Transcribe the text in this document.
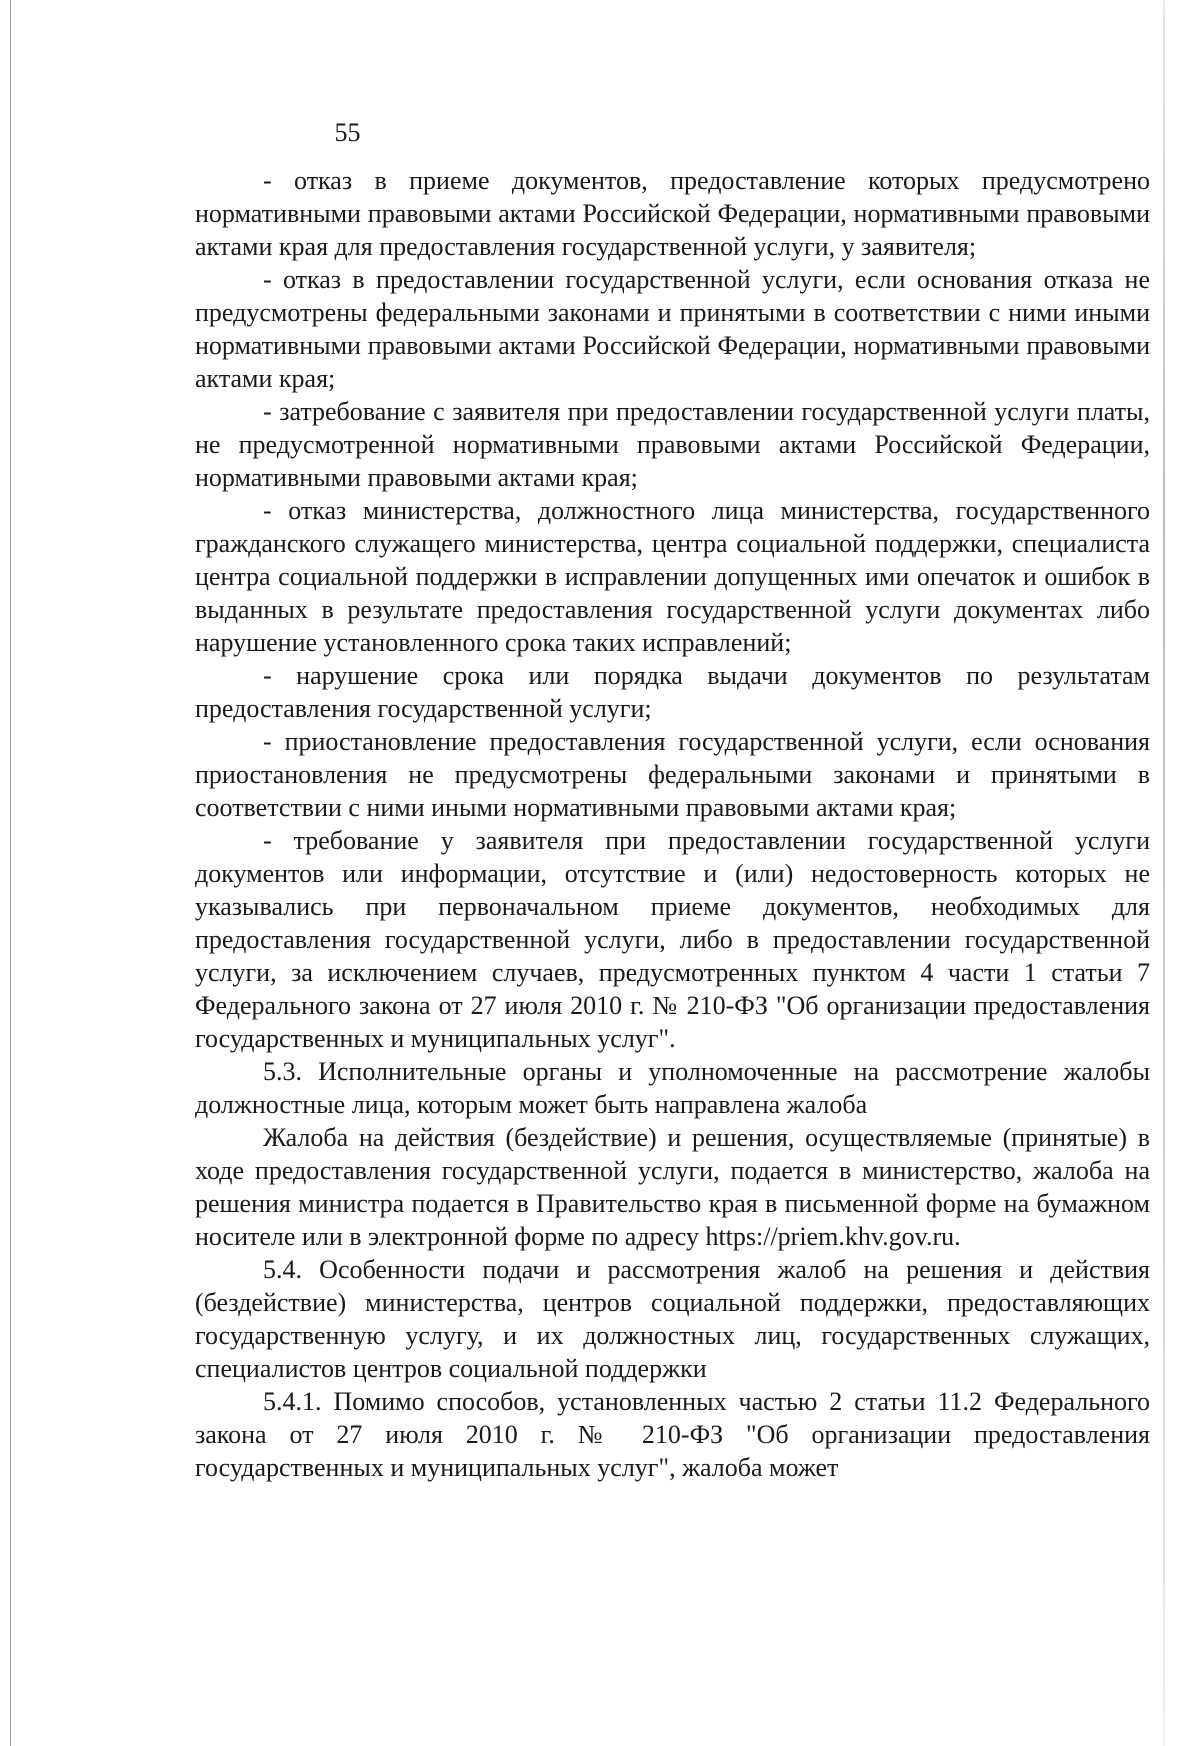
55

- отказ в приеме документов, предоставление которых предусмотрено нормативными правовыми актами Российской Федерации, нормативными правовыми актами края для предоставления государственной услуги, у заявителя;

- отказ в предоставлении государственной услуги, если основания отказа не предусмотрены федеральными законами и принятыми в соответствии с ними иными нормативными правовыми актами Российской Федерации, нормативными правовыми актами края;

- затребование с заявителя при предоставлении государственной услуги платы, не предусмотренной нормативными правовыми актами Российской Федерации, нормативными правовыми актами края;

- отказ министерства, должностного лица министерства, государственного гражданского служащего министерства, центра социальной поддержки, специалиста центра социальной поддержки в исправлении допущенных ими опечаток и ошибок в выданных в результате предоставления государственной услуги документах либо нарушение установленного срока таких исправлений;

- нарушение срока или порядка выдачи документов по результатам предоставления государственной услуги;

- приостановление предоставления государственной услуги, если основания приостановления не предусмотрены федеральными законами и принятыми в соответствии с ними иными нормативными правовыми актами края;

- требование у заявителя при предоставлении государственной услуги документов или информации, отсутствие и (или) недостоверность которых не указывались при первоначальном приеме документов, необходимых для предоставления государственной услуги, либо в предоставлении государственной услуги, за исключением случаев, предусмотренных пунктом 4 части 1 статьи 7 Федерального закона от 27 июля 2010 г. № 210-ФЗ "Об организации предоставления государственных и муниципальных услуг".

5.3. Исполнительные органы и уполномоченные на рассмотрение жалобы должностные лица, которым может быть направлена жалоба

Жалоба на действия (бездействие) и решения, осуществляемые (принятые) в ходе предоставления государственной услуги, подается в министерство, жалоба на решения министра подается в Правительство края в письменной форме на бумажном носителе или в электронной форме по адресу https://priem.khv.gov.ru.

5.4. Особенности подачи и рассмотрения жалоб на решения и действия (бездействие) министерства, центров социальной поддержки, предоставляющих государственную услугу, и их должностных лиц, государственных служащих, специалистов центров социальной поддержки

5.4.1. Помимо способов, установленных частью 2 статьи 11.2 Федерального закона от 27 июля 2010 г. № 210-ФЗ "Об организации предоставления государственных и муниципальных услуг", жалоба может
